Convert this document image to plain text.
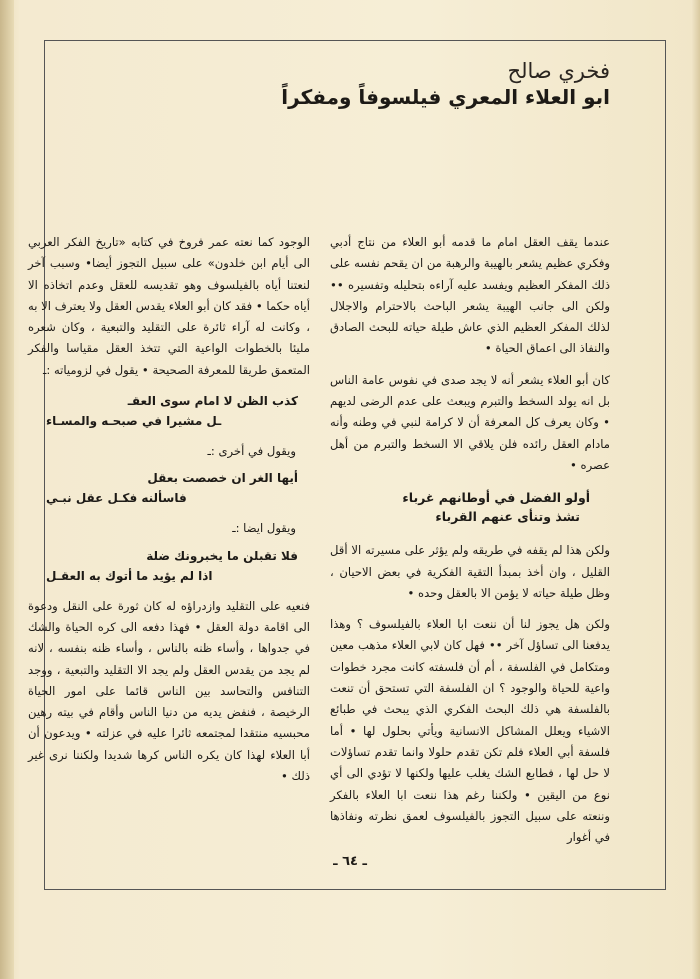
فخري صالح
ابو العلاء المعري فيلسوفاً ومفكراً

عندما يقف العقل امام ما قدمه أبو العلاء من نتاج أدبي وفكري عظيم يشعر بالهيبة والرهبة من ان يقحم نفسه على ذلك المفكر العظيم ويفسد عليه آراءه بتحليله وتفسيره •• ولكن الى جانب الهيبة يشعر الباحث بالاحترام والاجلال لذلك المفكر العظيم الذي عاش طيلة حياته للبحث الصادق والنفاذ الى اعماق الحياة •

كان أبو العلاء يشعر أنه لا يجد صدى في نفوس عامة الناس بل انه يولد السخط والتبرم ويبعث على عدم الرضى لديهم • وكان يعرف كل المعرفة أن لا كرامة لنبي في وطنه وأنه مادام العقل رائده فلن يلاقي الا السخط والتبرم من أهل عصره •

أولو الفضل في أوطانهم غرباء
تشذ وتنأى عنهم القرباء

ولكن هذا لم يقفه في طريقه ولم يؤثر على مسيرته الا أقل القليل ، وان أخذ بمبدأ التقية الفكرية في بعض الاحيان ، وظل طيلة حياته لا يؤمن الا بالعقل وحده •

ولكن هل يجوز لنا أن ننعت ابا العلاء بالفيلسوف ؟ وهذا يدفعنا الى تساؤل آخر •• فهل كان لابي العلاء مذهب معين ومتكامل في الفلسفة ، أم أن فلسفته كانت مجرد خطوات واعية للحياة والوجود ؟ ان الفلسفة التي تستحق أن تنعت بالفلسفة هي ذلك البحث الفكري الذي يبحث في طبائع الاشياء ويعلل المشاكل الانسانية ويأتي بحلول لها • أما فلسفة أبي العلاء فلم تكن تقدم حلولا وانما تقدم تساؤلات لا حل لها ، فطابع الشك يغلب عليها ولكنها لا تؤدي الى أي نوع من اليقين • ولكننا رغم هذا ننعت ابا العلاء بالفكر وننعته على سبيل التجوز بالفيلسوف لعمق نظرته ونفاذها في أغوار

الوجود كما نعته عمر فروخ في كتابه «تاريخ الفكر العربي الى أيام ابن خلدون» على سبيل التجوز أيضا• وسبب آخر لنعتنا أياه بالفيلسوف وهو تقديسه للعقل وعدم اتخاذه الا أياه حكما • فقد كان أبو العلاء يقدس العقل ولا يعترف الا به ، وكانت له آراء ثائرة على التقليد والتبعية ، وكان شعره مليئا بالخطوات الواعية التي تتخذ العقل مقياسا والفكر المتعمق طريقا للمعرفة الصحيحة • يقول في لزومياته :ـ

كذب الظن لا امام سوى العقـ
ـل مشيرا في صبحـه والمسـاء
ويقول في أخرى :ـ
أيها الغر ان خصصت بعقل
فاسألنه فكـل عقل نبـي
ويقول ايضا :ـ
فلا تقبلن ما يخبرونك ضلة
اذا لم يؤيد ما أتوك به العقـل

فنعيه على التقليد وازدراؤه له كان ثورة على النقل ودعوة الى اقامة دولة العقل • فهذا دفعه الى كره الحياة والشك في جدواها ، وأساء ظنه بالناس ، وأساء ظنه بنفسه ، لانه لم يجد من يقدس العقل ولم يجد الا التقليد والتبعية ، ووجد التنافس والتحاسد بين الناس قائما على امور الحياة الرخيصة ، فنفض يديه من دنيا الناس وأقام في بيته رهين محبسيه منتقدا لمجتمعه ثائرا عليه في عزلته • ويدعون أن أبا العلاء لهذا كان يكره الناس كرها شديدا ولكننا نرى غير ذلك •

ـ ٦٤ ـ
